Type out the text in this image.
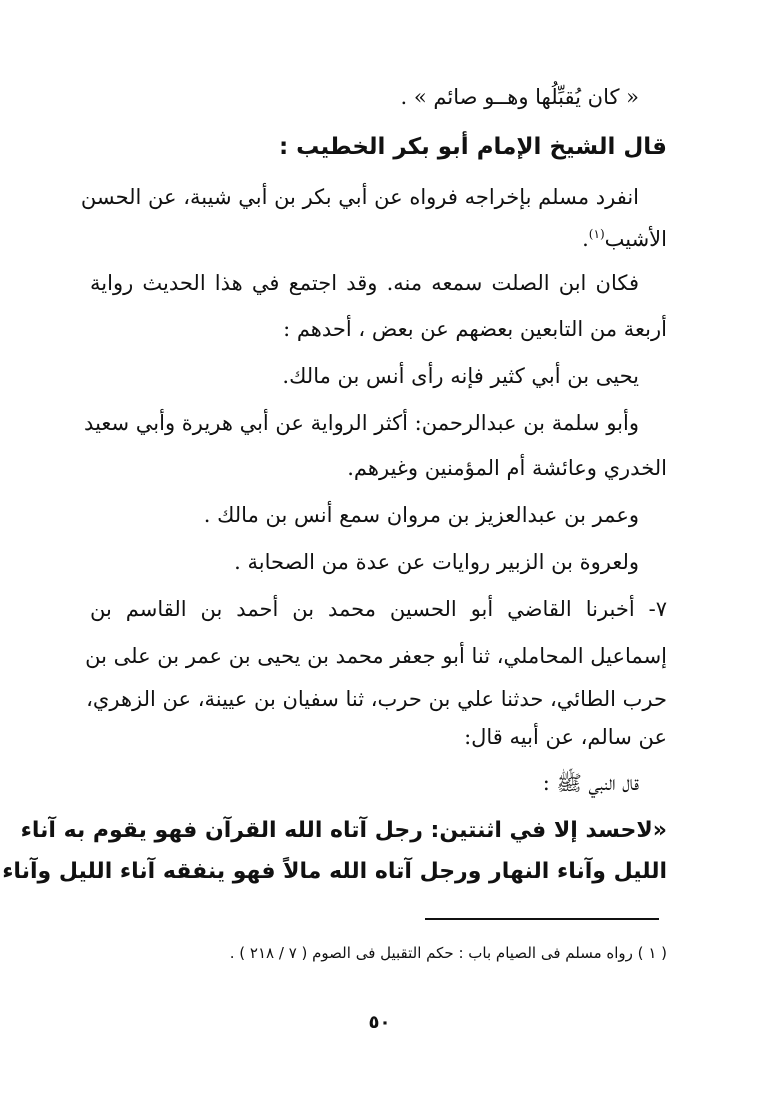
« كان يُقبِّلُها وهــو صائم » .
قال الشيخ الإمام أبو بكر الخطيب :
انفرد مسلم بإخراجه فرواه عن أبي بكر بن أبي شيبة، عن الحسن
الأشيب$^{(١)}$.
فكان ابن الصلت سمعه منه. وقد اجتمع في هذا الحديث رواية
أربعة من التابعين بعضهم عن بعض ، أحدهم :
يحيى بن أبي كثير فإنه رأى أنس بن مالك.
وأبو سلمة بن عبدالرحمن: أكثر الرواية عن أبي هريرة وأبي سعيد
الخدري وعائشة أم المؤمنين وغيرهم.
وعمر بن عبدالعزيز بن مروان سمع أنس بن مالك .
ولعروة بن الزبير روايات عن عدة من الصحابة .
٧- أخبرنا القاضي أبو الحسين محمد بن أحمد بن القاسم بن
إسماعيل المحاملي، ثنا أبو جعفر محمد بن يحيى بن عمر بن على بن
حرب الطائي، حدثنا علي بن حرب، ثنا سفيان بن عيينة، عن الزهري،
عن سالم، عن أبيه قال:
قال النبي ﷺ :
«لاحسد إلا في اثنتين: رجل آتاه الله القرآن فهو يقوم به آناء
الليل وآناء النهار ورجل آتاه الله مالاً فهو ينفقه آناء الليل وآناء
( ١ ) رواه مسلم فى الصيام باب : حكم التقبيل فى الصوم ( ٧ / ٢١٨ ) .
٥٠
